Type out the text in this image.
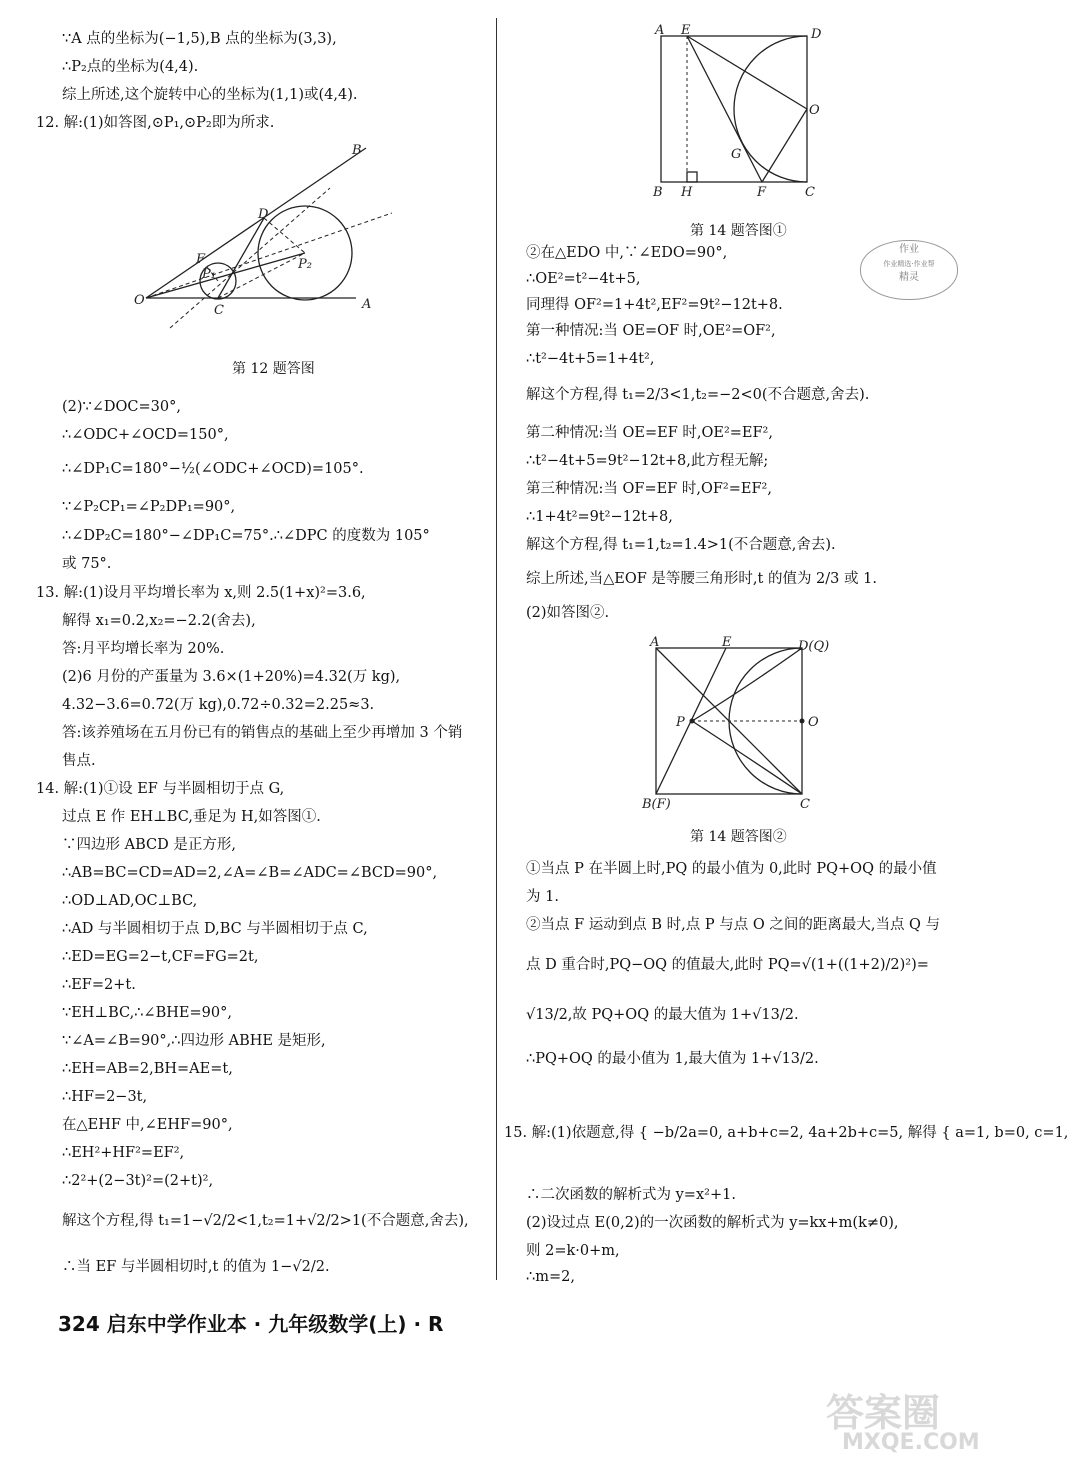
∵A 点的坐标为(−1,5),B 点的坐标为(3,3),
∴P₂点的坐标为(4,4).
综上所述,这个旋转中心的坐标为(1,1)或(4,4).
12. 解:(1)如答图,⊙P₁,⊙P₂即为所求.
B
D
F
P₁
P₂
O
C	A
第 12 题答图
(2)∵∠DOC=30°,
∴∠ODC+∠OCD=150°,
∴∠DP₁C=180°−½(∠ODC+∠OCD)=105°.
∵∠P₂CP₁=∠P₂DP₁=90°,
∴∠DP₂C=180°−∠DP₁C=75°.∴∠DPC 的度数为 105°
或 75°.
13. 解:(1)设月平均增长率为 x,则 2.5(1+x)²=3.6,
解得 x₁=0.2,x₂=−2.2(舍去),
答:月平均增长率为 20%.
(2)6 月份的产蛋量为 3.6×(1+20%)=4.32(万 kg),
4.32−3.6=0.72(万 kg),0.72÷0.32=2.25≈3.
答:该养殖场在五月份已有的销售点的基础上至少再增加 3 个销
售点.
14. 解:(1)①设 EF 与半圆相切于点 G,
过点 E 作 EH⊥BC,垂足为 H,如答图①.
∵四边形 ABCD 是正方形,
∴AB=BC=CD=AD=2,∠A=∠B=∠ADC=∠BCD=90°,
∴OD⊥AD,OC⊥BC,
∴AD 与半圆相切于点 D,BC 与半圆相切于点 C,
∴ED=EG=2−t,CF=FG=2t,
∴EF=2+t.
∵EH⊥BC,∴∠BHE=90°,
∵∠A=∠B=90°,∴四边形 ABHE 是矩形,
∴EH=AB=2,BH=AE=t,
∴HF=2−3t,
在△EHF 中,∠EHF=90°,
∴EH²+HF²=EF²,
∴2²+(2−3t)²=(2+t)²,
解这个方程,得 t₁=1−√2/2<1,t₂=1+√2/2>1(不合题意,舍去),
∴当 EF 与半圆相切时,t 的值为 1−√2/2.
A E	D
O
G
B H	F	C
第 14 题答图①
作业
作业精选·作业帮
精灵
②在△EDO 中,∵∠EDO=90°,
∴OE²=t²−4t+5,
同理得 OF²=1+4t²,EF²=9t²−12t+8.
第一种情况:当 OE=OF 时,OE²=OF²,
∴t²−4t+5=1+4t²,
解这个方程,得 t₁=2/3<1,t₂=−2<0(不合题意,舍去).
第二种情况:当 OE=EF 时,OE²=EF²,
∴t²−4t+5=9t²−12t+8,此方程无解;
第三种情况:当 OF=EF 时,OF²=EF²,
∴1+4t²=9t²−12t+8,
解这个方程,得 t₁=1,t₂=1.4>1(不合题意,舍去).
综上所述,当△EOF 是等腰三角形时,t 的值为 2/3 或 1.
(2)如答图②.
A	E	D(Q)
P	O
B(F)	C
第 14 题答图②
①当点 P 在半圆上时,PQ 的最小值为 0,此时 PQ+OQ 的最小值
为 1.
②当点 F 运动到点 B 时,点 P 与点 O 之间的距离最大,当点 Q 与
点 D 重合时,PQ−OQ 的值最大,此时 PQ=√(1+((1+2)/2)²)=
√13/2,故 PQ+OQ 的最大值为 1+√13/2.
∴PQ+OQ 的最小值为 1,最大值为 1+√13/2.
15. 解:(1)依题意,得 { −b/2a=0, a+b+c=2, 4a+2b+c=5, 解得 { a=1, b=0, c=1,
∴二次函数的解析式为 y=x²+1.
(2)设过点 E(0,2)的一次函数的解析式为 y=kx+m(k≠0),
则 2=k·0+m,
∴m=2,
324 启东中学作业本 · 九年级数学(上) · R
答案圈
MXQE.COM
